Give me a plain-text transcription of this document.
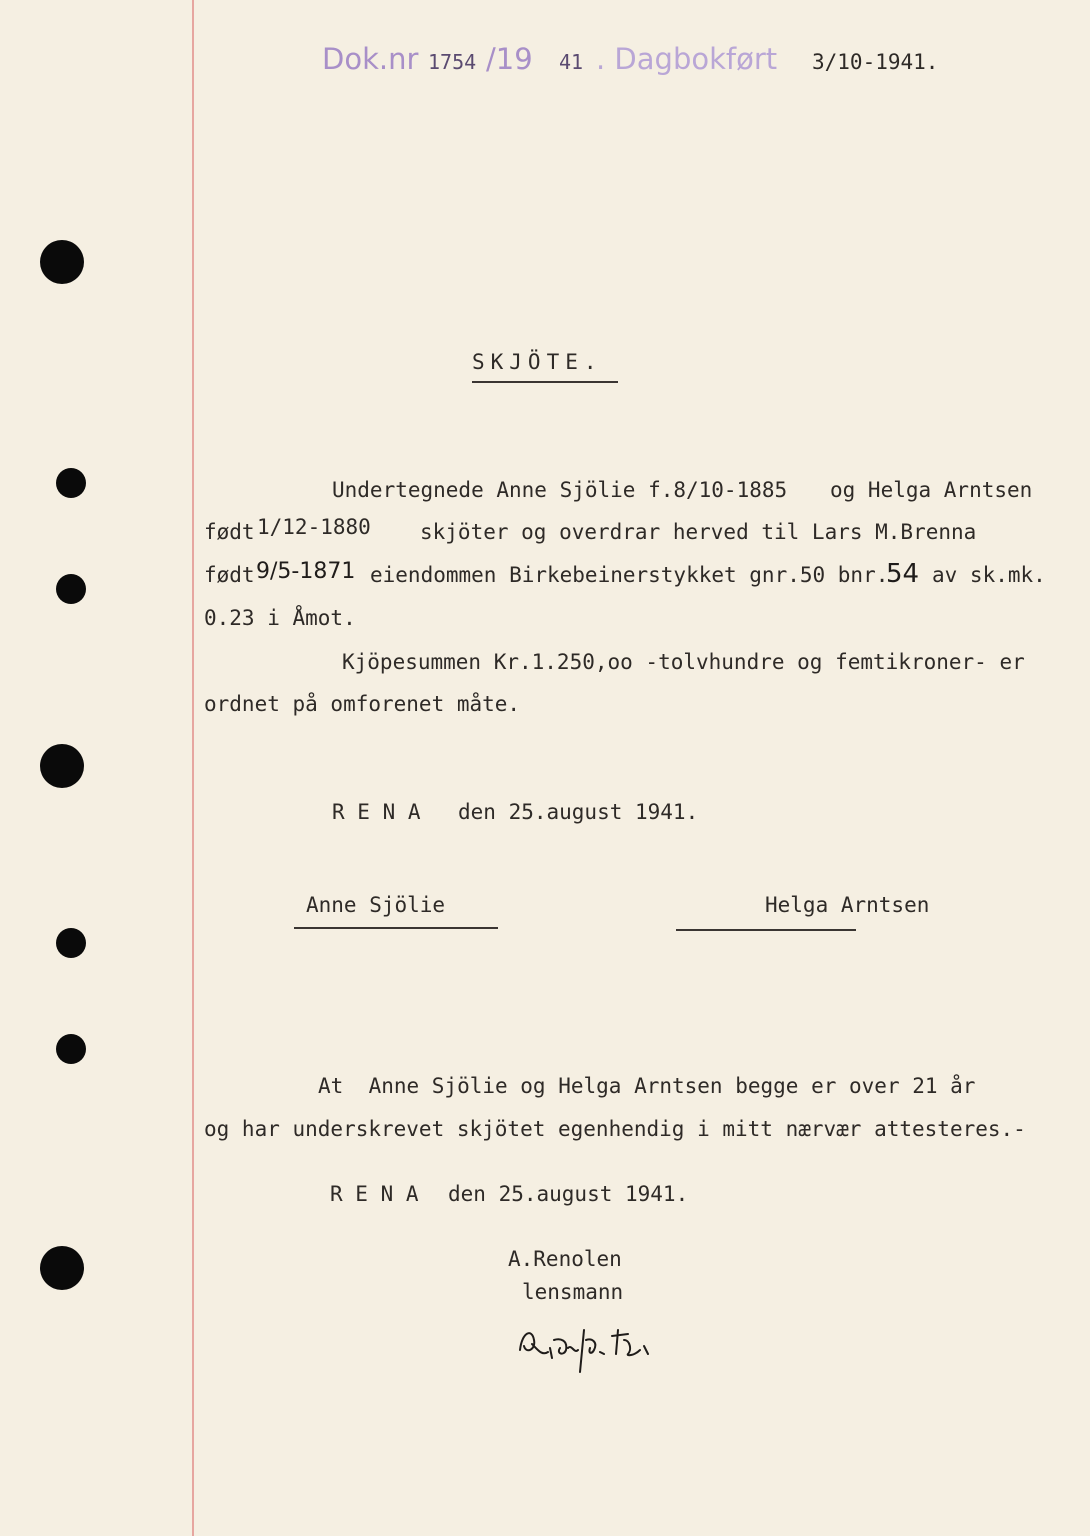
Dok.nr 1754 /19 41 . Dagbokført 3/10-1941.
SKJÖTE.
Undertegnede Anne Sjölie f.8/10-1885 og Helga Arntsen
født 1/12-1880 skjöter og overdrar herved til Lars M.Brenna
født 9/5-1871 eiendommen Birkebeinerstykket gnr.50 bnr.
54 av sk.mk.
0.23 i Åmot.
Kjöpesummen Kr.1.250,oo -tolvhundre og femtikroner- er
ordnet på omforenet måte.
R E N A den 25.august 1941.
Anne Sjölie	Helga Arntsen
At  Anne Sjölie og Helga Arntsen begge er over 21 år
og har underskrevet skjötet egenhendig i mitt nærvær attesteres.-
R E N A den 25.august 1941.
A.Renolen
lensmann
